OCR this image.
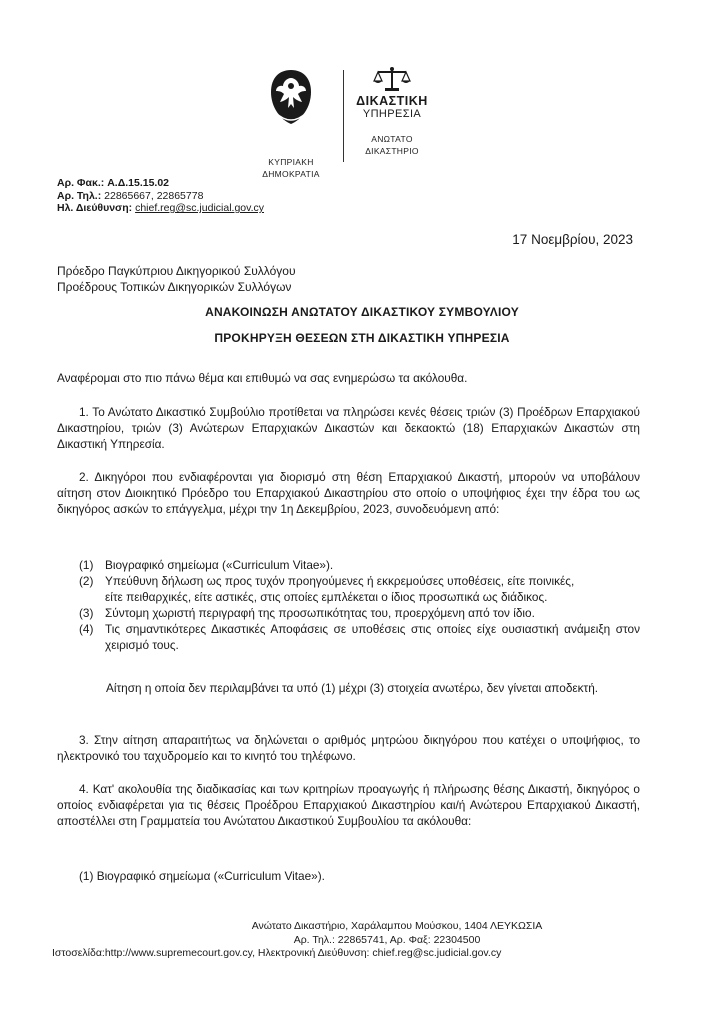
ΚΥΠΡΙΑΚΗ
ΔΗΜΟΚΡΑΤΙΑ
ΔΙΚΑΣΤΙΚΗ
ΥΠΗΡΕΣΙΑ
ΑΝΩΤΑΤΟ
ΔΙΚΑΣΤΗΡΙΟ
Αρ. Φακ.: Α.Δ.15.15.02
Αρ. Τηλ.: 22865667, 22865778
Ηλ. Διεύθυνση: chief.reg@sc.judicial.gov.cy
17 Νοεμβρίου, 2023
Πρόεδρο Παγκύπριου Δικηγορικού Συλλόγου
Προέδρους Τοπικών Δικηγορικών Συλλόγων
ΑΝΑΚΟΙΝΩΣΗ ΑΝΩΤΑΤΟΥ ΔΙΚΑΣΤΙΚΟΥ ΣΥΜΒΟΥΛΙΟΥ
ΠΡΟΚΗΡΥΞΗ ΘΕΣΕΩΝ ΣΤΗ ΔΙΚΑΣΤΙΚΗ ΥΠΗΡΕΣΙΑ
Αναφέρομαι στο πιο πάνω θέμα και επιθυμώ να σας ενημερώσω τα ακόλουθα.
1. Το Ανώτατο Δικαστικό Συμβούλιο προτίθεται να πληρώσει κενές θέσεις τριών (3) Προέδρων Επαρχιακού Δικαστηρίου, τριών (3) Ανώτερων Επαρχιακών Δικαστών και δεκαοκτώ (18) Επαρχιακών Δικαστών στη Δικαστική Υπηρεσία.
2. Δικηγόροι που ενδιαφέρονται για διορισμό στη θέση Επαρχιακού Δικαστή, μπορούν να υποβάλουν αίτηση στον Διοικητικό Πρόεδρο του Επαρχιακού Δικαστηρίου στο οποίο ο υποψήφιος έχει την έδρα του ως δικηγόρος ασκών το επάγγελμα, μέχρι την 1η Δεκεμβρίου, 2023, συνοδευόμενη από:
(1) Βιογραφικό σημείωμα («Curriculum Vitae»).
(2) Υπεύθυνη δήλωση ως προς τυχόν προηγούμενες ή εκκρεμούσες υποθέσεις, είτε ποινικές,
είτε πειθαρχικές, είτε αστικές, στις οποίες εμπλέκεται ο ίδιος προσωπικά ως διάδικος.
(3) Σύντομη χωριστή περιγραφή της προσωπικότητας του, προερχόμενη από τον ίδιο.
(4) Τις σημαντικότερες Δικαστικές Αποφάσεις σε υποθέσεις στις οποίες είχε ουσιαστική ανάμειξη στον χειρισμό τους.
Αίτηση η οποία δεν περιλαμβάνει τα υπό (1) μέχρι (3) στοιχεία ανωτέρω, δεν γίνεται αποδεκτή.
3. Στην αίτηση απαραιτήτως να δηλώνεται ο αριθμός μητρώου δικηγόρου που κατέχει ο υποψήφιος, το ηλεκτρονικό του ταχυδρομείο και το κινητό του τηλέφωνο.
4. Κατ' ακολουθία της διαδικασίας και των κριτηρίων προαγωγής ή πλήρωσης θέσης Δικαστή, δικηγόρος ο οποίος ενδιαφέρεται για τις θέσεις Προέδρου Επαρχιακού Δικαστηρίου και/ή Ανώτερου Επαρχιακού Δικαστή, αποστέλλει στη Γραμματεία του Ανώτατου Δικαστικού Συμβουλίου τα ακόλουθα:
(1) Βιογραφικό σημείωμα («Curriculum Vitae»).
Ανώτατο Δικαστήριο, Χαράλαμπου Μούσκου, 1404 ΛΕΥΚΩΣΙΑ
Αρ. Τηλ.: 22865741, Αρ. Φαξ: 22304500
Ιστοσελίδα:http://www.supremecourt.gov.cy, Ηλεκτρονική Διεύθυνση: chief.reg@sc.judicial.gov.cy
